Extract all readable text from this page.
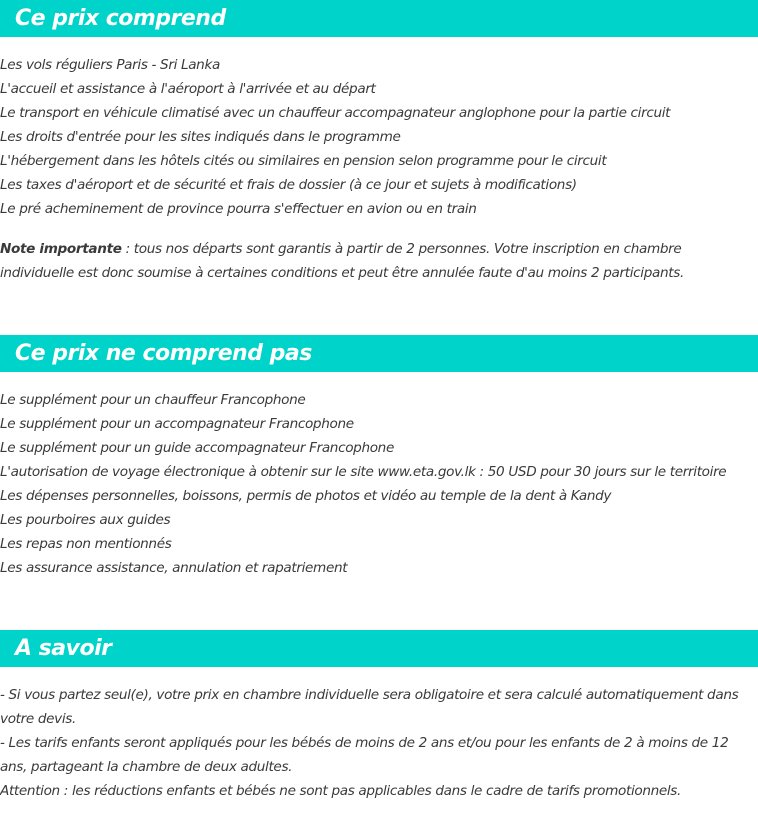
Ce prix comprend
Les vols réguliers Paris - Sri Lanka
L'accueil et assistance à l'aéroport à l'arrivée et au départ
Le transport en véhicule climatisé avec un chauffeur accompagnateur anglophone pour la partie circuit
Les droits d'entrée pour les sites indiqués dans le programme
L'hébergement dans les hôtels cités ou similaires en pension selon programme pour le circuit
Les taxes d'aéroport et de sécurité et frais de dossier (à ce jour et sujets à modifications)
Le pré acheminement de province pourra s'effectuer en avion ou en train

Note importante : tous nos départs sont garantis à partir de 2 personnes. Votre inscription en chambre individuelle est donc soumise à certaines conditions et peut être annulée faute d'au moins 2 participants.

Ce prix ne comprend pas
Le supplément pour un chauffeur Francophone
Le supplément pour un accompagnateur Francophone
Le supplément pour un guide accompagnateur Francophone
L'autorisation de voyage électronique à obtenir sur le site www.eta.gov.lk : 50 USD pour 30 jours sur le territoire
Les dépenses personnelles, boissons, permis de photos et vidéo au temple de la dent à Kandy
Les pourboires aux guides
Les repas non mentionnés
Les assurance assistance, annulation et rapatriement
A savoir

- Si vous partez seul(e), votre prix en chambre individuelle sera obligatoire et sera calculé automatiquement dans votre devis.

- Les tarifs enfants seront appliqués pour les bébés de moins de 2 ans et/ou pour les enfants de 2 à moins de 12 ans, partageant la chambre de deux adultes.

Attention : les réductions enfants et bébés ne sont pas applicables dans le cadre de tarifs promotionnels.
